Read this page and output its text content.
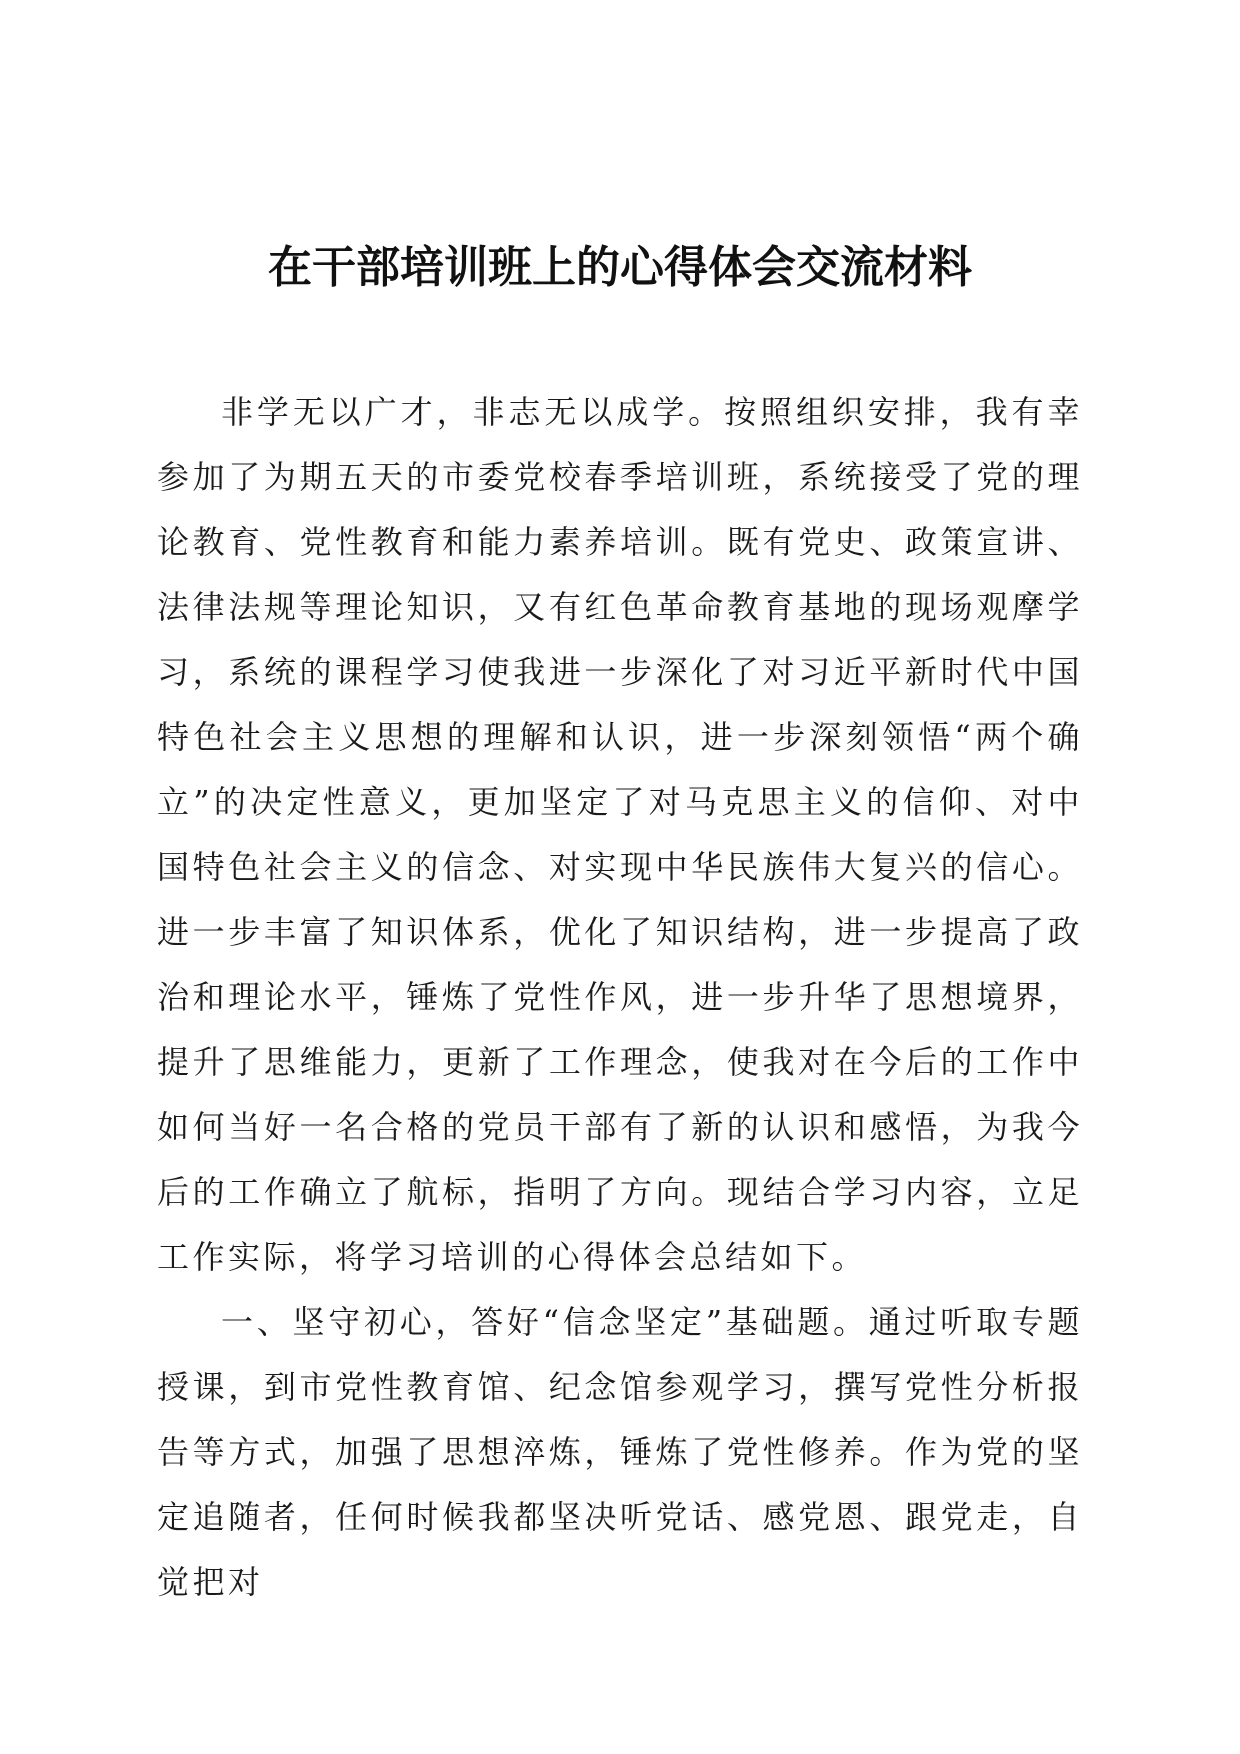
在干部培训班上的心得体会交流材料

非学无以广才，非志无以成学。按照组织安排，我有幸参加了为期五天的市委党校春季培训班，系统接受了党的理论教育、党性教育和能力素养培训。既有党史、政策宣讲、法律法规等理论知识，又有红色革命教育基地的现场观摩学习，系统的课程学习使我进一步深化了对习近平新时代中国特色社会主义思想的理解和认识，进一步深刻领悟“两个确立”的决定性意义，更加坚定了对马克思主义的信仰、对中国特色社会主义的信念、对实现中华民族伟大复兴的信心。进一步丰富了知识体系，优化了知识结构，进一步提高了政治和理论水平，锤炼了党性作风，进一步升华了思想境界，提升了思维能力，更新了工作理念，使我对在今后的工作中如何当好一名合格的党员干部有了新的认识和感悟，为我今后的工作确立了航标，指明了方向。现结合学习内容，立足工作实际，将学习培训的心得体会总结如下。

一、坚守初心，答好“信念坚定”基础题。通过听取专题授课，到市党性教育馆、纪念馆参观学习，撰写党性分析报告等方式，加强了思想淬炼，锤炼了党性修养。作为党的坚定追随者，任何时候我都坚决听党话、感党恩、跟党走，自觉把对
